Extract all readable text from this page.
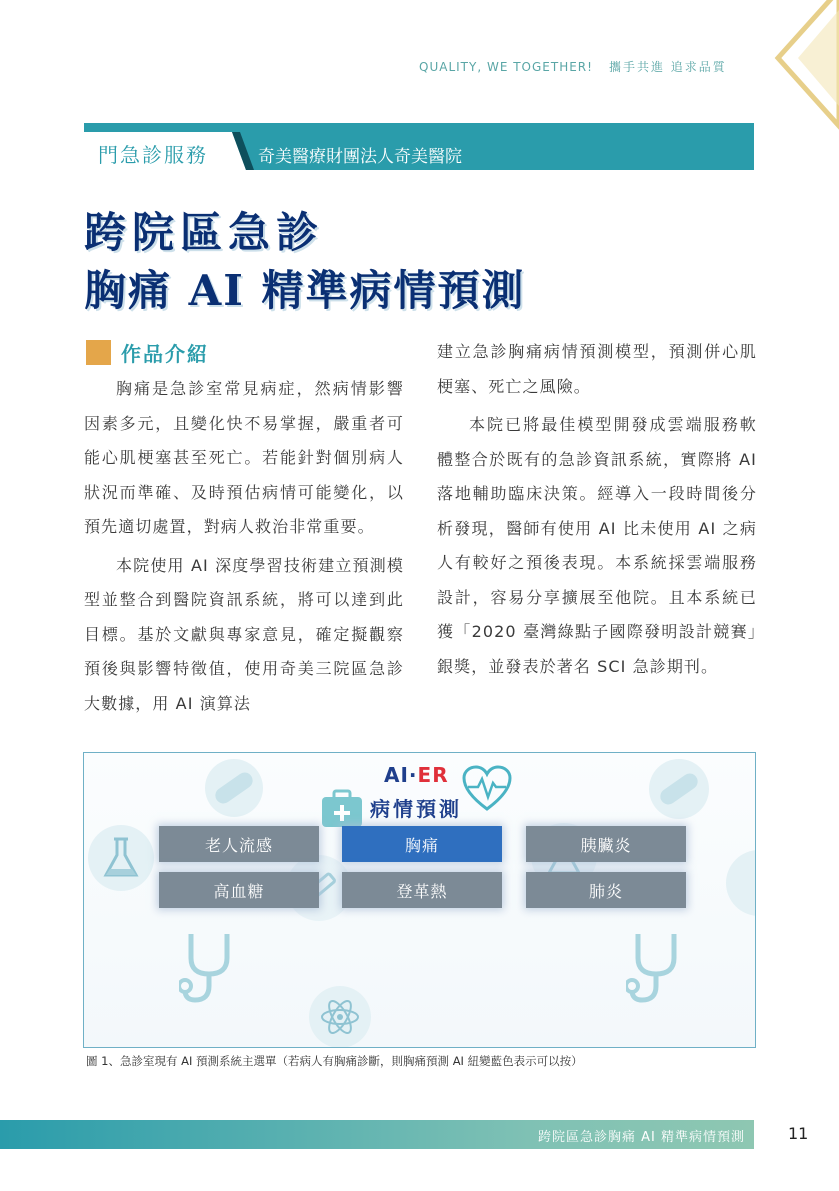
QUALITY, WE TOGETHER! 攜手共進 追求品質
門急診服務	奇美醫療財團法人奇美醫院
跨院區急診
胸痛 AI 精準病情預測
作品介紹

胸痛是急診室常見病症，然病情影響因素多元，且變化快不易掌握，嚴重者可能心肌梗塞甚至死亡。若能針對個別病人狀況而準確、及時預估病情可能變化，以預先適切處置，對病人救治非常重要。

本院使用 AI 深度學習技術建立預測模型並整合到醫院資訊系統，將可以達到此目標。基於文獻與專家意見，確定擬觀察預後與影響特徵值，使用奇美三院區急診大數據，用 AI 演算法

建立急診胸痛病情預測模型，預測併心肌梗塞、死亡之風險。

本院已將最佳模型開發成雲端服務軟體整合於既有的急診資訊系統，實際將 AI 落地輔助臨床決策。經導入一段時間後分析發現，醫師有使用 AI 比未使用 AI 之病人有較好之預後表現。本系統採雲端服務設計，容易分享擴展至他院。且本系統已獲「2020 臺灣綠點子國際發明設計競賽」銀獎，並發表於著名 SCI 急診期刊。

AI·ER
病情預測
老人流感	胸痛	胰臟炎
高血糖	登革熱	肺炎
圖 1、急診室現有 AI 預測系統主選單（若病人有胸痛診斷，則胸痛預測 AI 紐變藍色表示可以按）
跨院區急診胸痛 AI 精準病情預測	11
